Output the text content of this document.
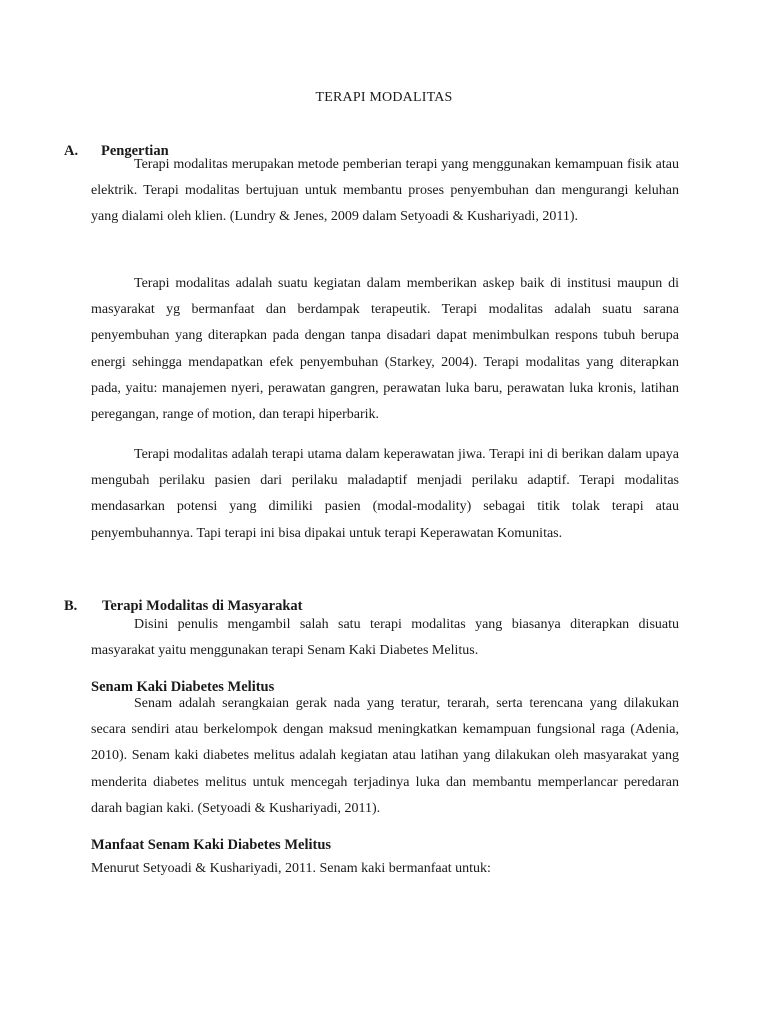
TERAPI MODALITAS
A. Pengertian

Terapi modalitas merupakan metode pemberian terapi yang menggunakan kemampuan fisik atau elektrik. Terapi modalitas bertujuan untuk membantu proses penyembuhan dan mengurangi keluhan yang dialami oleh klien. (Lundry & Jenes, 2009 dalam Setyoadi & Kushariyadi, 2011).

Terapi modalitas adalah suatu kegiatan dalam memberikan askep baik di institusi maupun di masyarakat yg bermanfaat dan berdampak terapeutik. Terapi modalitas adalah suatu sarana penyembuhan yang diterapkan pada dengan tanpa disadari dapat menimbulkan respons tubuh berupa energi sehingga mendapatkan efek penyembuhan (Starkey, 2004). Terapi modalitas yang diterapkan pada, yaitu: manajemen nyeri, perawatan gangren, perawatan luka baru, perawatan luka kronis, latihan peregangan, range of motion, dan terapi hiperbarik.

Terapi modalitas adalah terapi utama dalam keperawatan jiwa. Terapi ini di berikan dalam upaya mengubah perilaku pasien dari perilaku maladaptif menjadi perilaku adaptif. Terapi modalitas mendasarkan potensi yang dimiliki pasien (modal-modality) sebagai titik tolak terapi atau penyembuhannya. Tapi terapi ini bisa dipakai untuk terapi Keperawatan Komunitas.

B. Terapi Modalitas di Masyarakat

Disini penulis mengambil salah satu terapi modalitas yang biasanya diterapkan disuatu masyarakat yaitu menggunakan terapi Senam Kaki Diabetes Melitus.

Senam Kaki Diabetes Melitus

Senam adalah serangkaian gerak nada yang teratur, terarah, serta terencana yang dilakukan secara sendiri atau berkelompok dengan maksud meningkatkan kemampuan fungsional raga (Adenia, 2010). Senam kaki diabetes melitus adalah kegiatan atau latihan yang dilakukan oleh masyarakat yang menderita diabetes melitus untuk mencegah terjadinya luka dan membantu memperlancar peredaran darah bagian kaki. (Setyoadi & Kushariyadi, 2011).

Manfaat Senam Kaki Diabetes Melitus
Menurut Setyoadi & Kushariyadi, 2011. Senam kaki bermanfaat untuk:
